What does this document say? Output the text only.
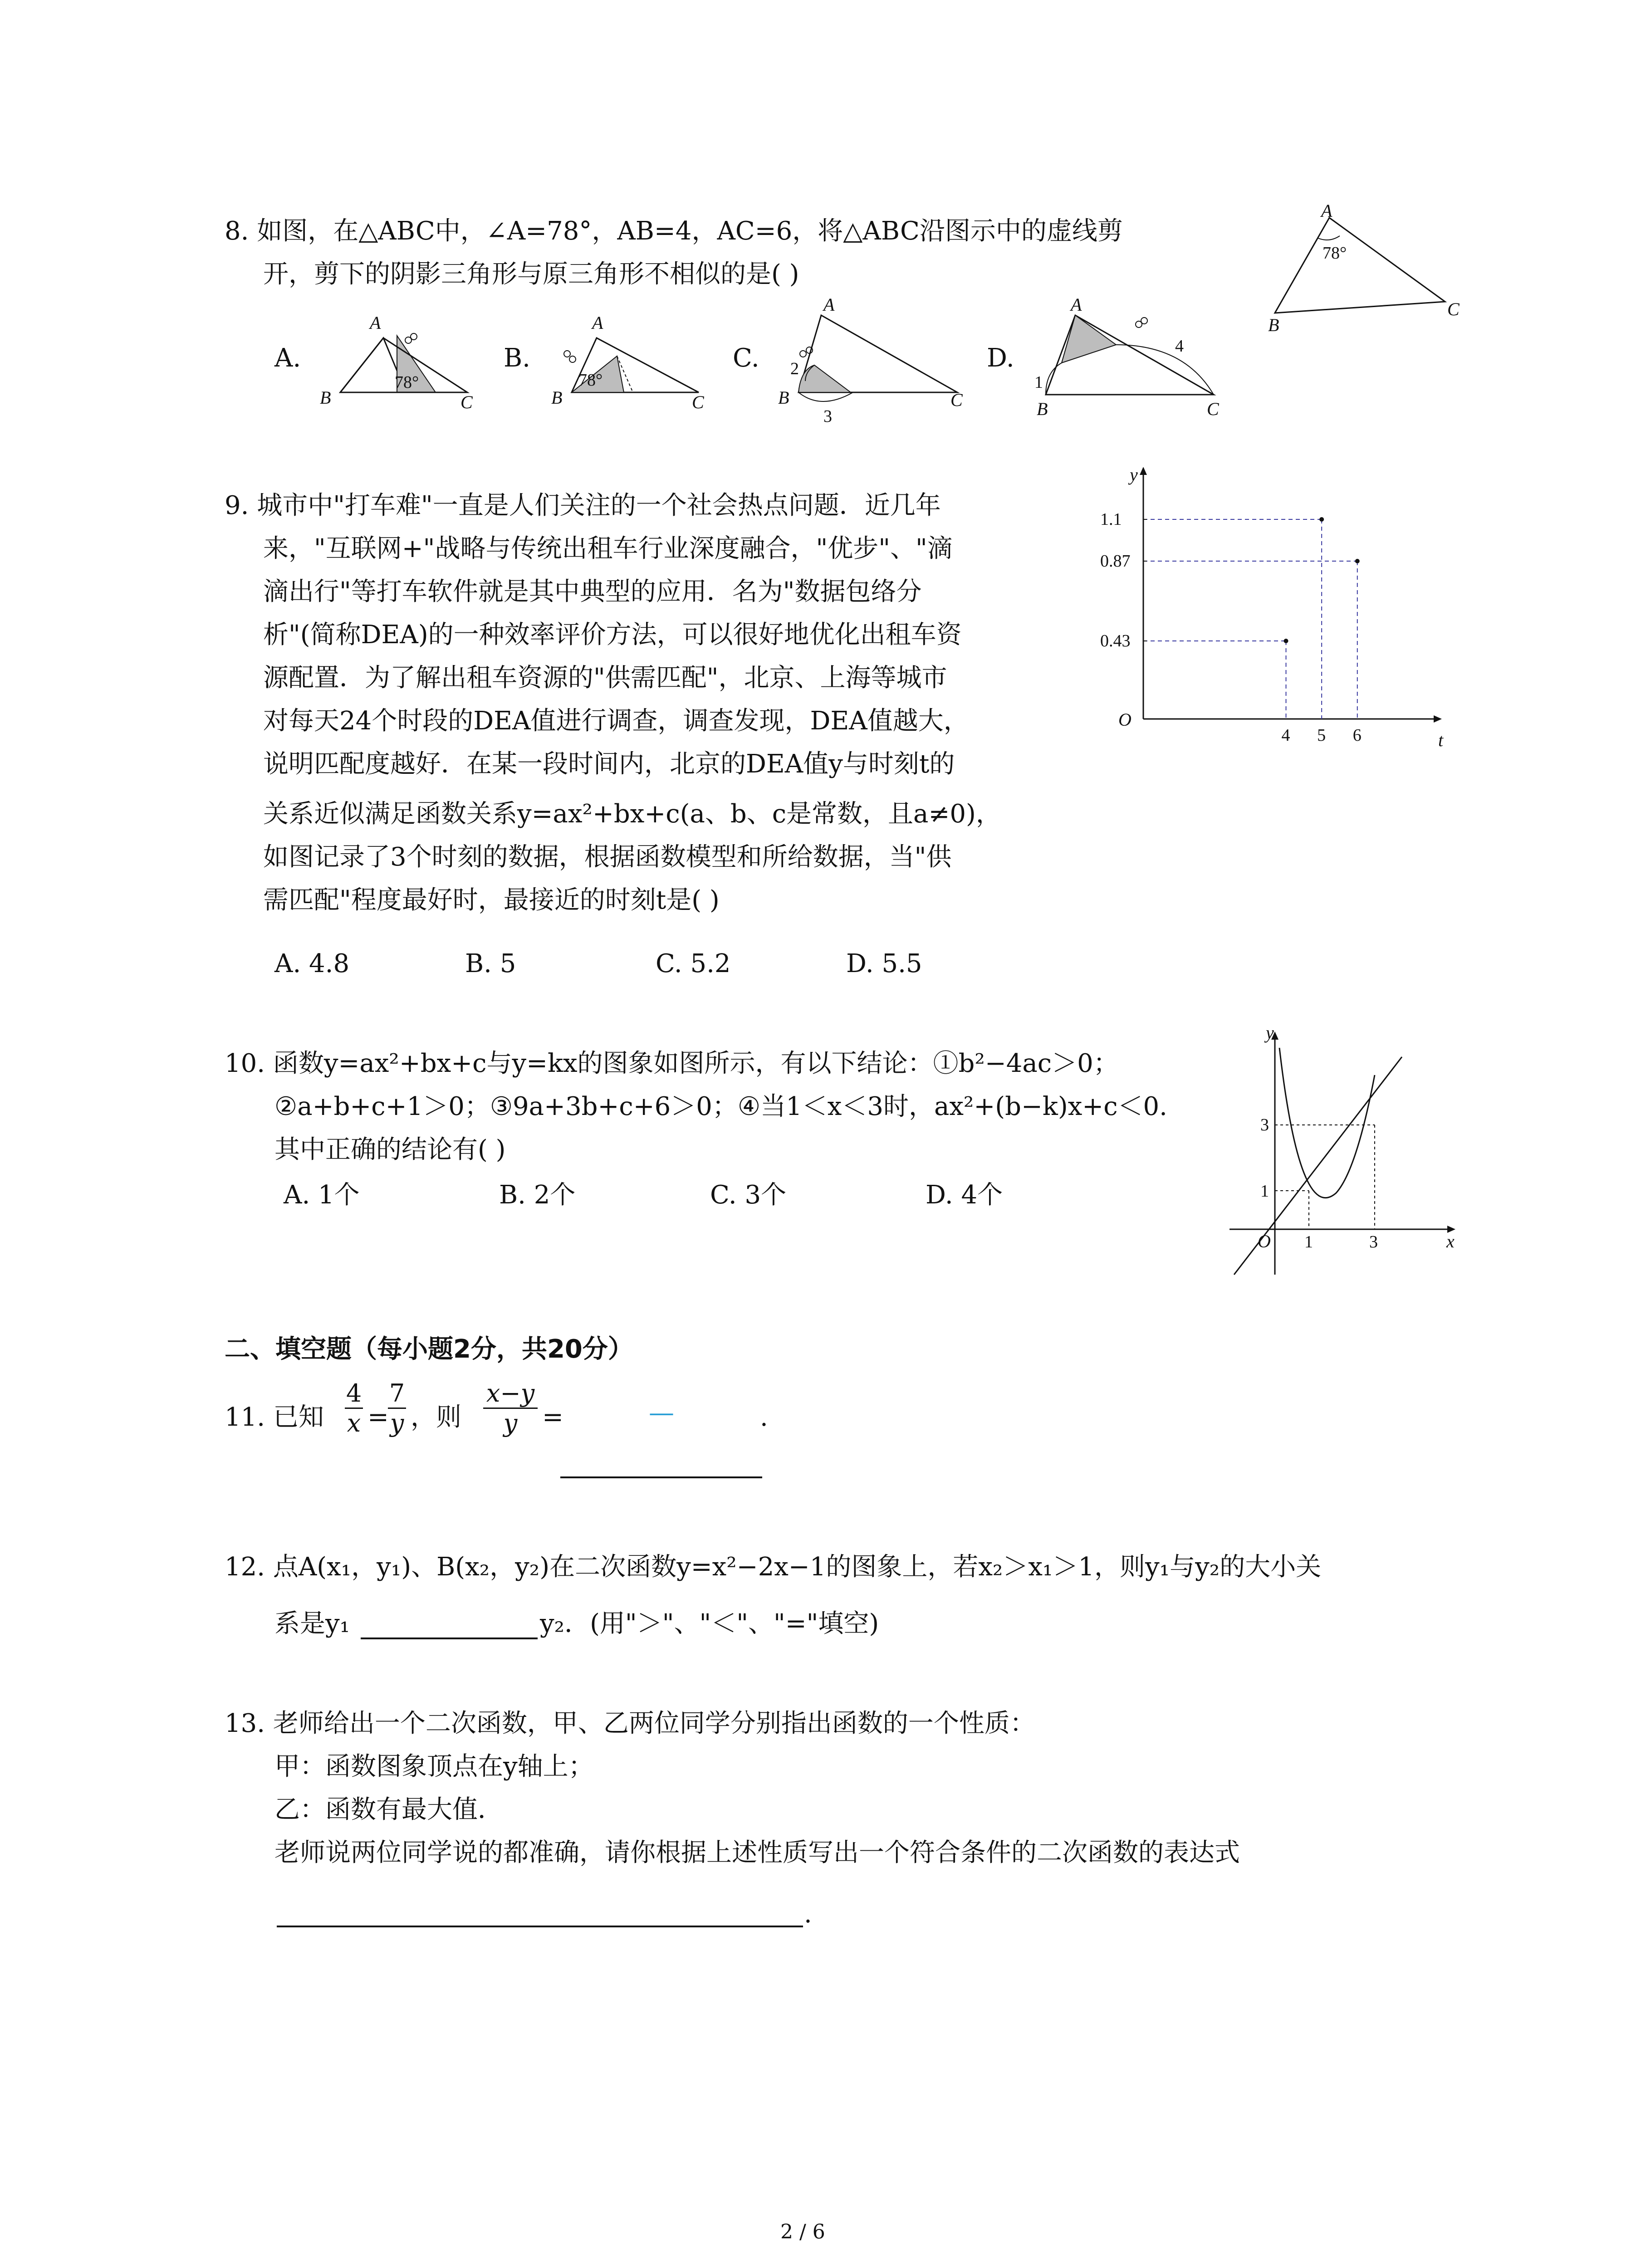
8. 如图，在△ABC中，∠A=78°，AB=4，AC=6，将△ABC沿图示中的虚线剪
开，剪下的阴影三角形与原三角形不相似的是( )
A
B
C
78°
A.
A
B	C
78°
B.
A
B	C
78°
C.
A
B	C
2
3
D.
A
B	C
1
4
9. 城市中"打车难"一直是人们关注的一个社会热点问题．近几年
来，"互联网+"战略与传统出租车行业深度融合，"优步"、"滴
滴出行"等打车软件就是其中典型的应用．名为"数据包络分
析"(简称DEA)的一种效率评价方法，可以很好地优化出租车资
源配置．为了解出租车资源的"供需匹配"，北京、上海等城市
对每天24个时段的DEA值进行调查，调查发现，DEA值越大，
说明匹配度越好．在某一段时间内，北京的DEA值y与时刻t的
关系近似满足函数关系y=ax²+bx+c(a、b、c是常数，且a≠0)，
如图记录了3个时刻的数据，根据函数模型和所给数据，当"供
需匹配"程度最好时，最接近的时刻t是( )
A. 4.8	B. 5	C. 5.2	D. 5.5
y
t
O
4 5 6
1.1
0.87
0.43
10. 函数y=ax²+bx+c与y=kx的图象如图所示，有以下结论：①b²−4ac＞0；
②a+b+c+1＞0；③9a+3b+c+6＞0；④当1＜x＜3时，ax²+(b−k)x+c＜0.
其中正确的结论有( )
A. 1个	B. 2个	C. 3个	D. 4个
y
x
O 1	3
3
1
二、填空题（每小题2分，共20分）
11. 已知 $\frac{4}{x}$ =
$\frac{7}{y}$ ，则 $\frac{x-y}{y}$ =	—	.
12. 点A(x₁，y₁)、B(x₂，y₂)在二次函数y=x²−2x−1的图象上，若x₂＞x₁＞1，则y₁与y₂的大小关
系是y₁	y₂．(用"＞"、"＜"、"="填空)
13. 老师给出一个二次函数，甲、乙两位同学分别指出函数的一个性质：
甲：函数图象顶点在y轴上；
乙：函数有最大值．
老师说两位同学说的都准确，请你根据上述性质写出一个符合条件的二次函数的表达式
.
2 / 6
